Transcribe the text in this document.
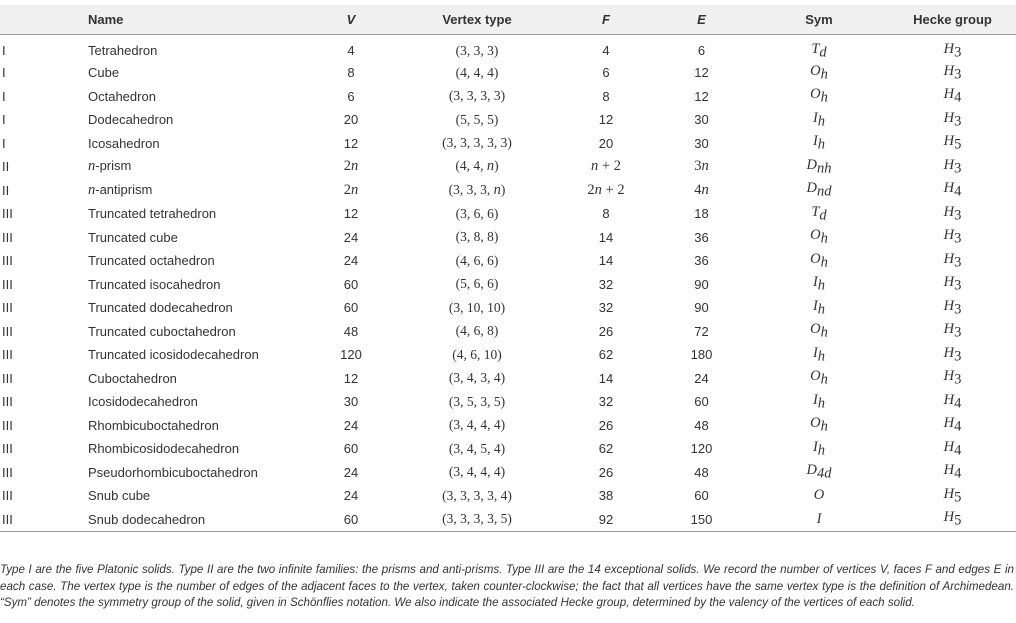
	Name	V	Vertex type	F	E	Sym	Hecke group
I	Tetrahedron	4	(3, 3, 3)	4	6	$T_d$	$H_3$
I	Cube	8	(4, 4, 4)	6	12	$O_h$	$H_3$
I	Octahedron	6	(3, 3, 3, 3)	8	12	$O_h$	$H_4$
I	Dodecahedron	20	(5, 5, 5)	12	30	$I_h$	$H_3$
I	Icosahedron	12	(3, 3, 3, 3, 3)	20	30	$I_h$	$H_5$
II	n-prism	2n	(4, 4, n)	n + 2	3n	$D_{nh}$	$H_3$
II	n-antiprism	2n	(3, 3, 3, n)	2n + 2	4n	$D_{nd}$	$H_4$
III	Truncated tetrahedron	12	(3, 6, 6)	8	18	$T_d$	$H_3$
III	Truncated cube	24	(3, 8, 8)	14	36	$O_h$	$H_3$
III	Truncated octahedron	24	(4, 6, 6)	14	36	$O_h$	$H_3$
III	Truncated isocahedron	60	(5, 6, 6)	32	90	$I_h$	$H_3$
III	Truncated dodecahedron	60	(3, 10, 10)	32	90	$I_h$	$H_3$
III	Truncated cuboctahedron	48	(4, 6, 8)	26	72	$O_h$	$H_3$
III	Truncated icosidodecahedron	120	(4, 6, 10)	62	180	$I_h$	$H_3$
III	Cuboctahedron	12	(3, 4, 3, 4)	14	24	$O_h$	$H_3$
III	Icosidodecahedron	30	(3, 5, 3, 5)	32	60	$I_h$	$H_4$
III	Rhombicuboctahedron	24	(3, 4, 4, 4)	26	48	$O_h$	$H_4$
III	Rhombicosidodecahedron	60	(3, 4, 5, 4)	62	120	$I_h$	$H_4$
III	Pseudorhombicuboctahedron	24	(3, 4, 4, 4)	26	48	$D_{4d}$	$H_4$
III	Snub cube	24	(3, 3, 3, 3, 4)	38	60	O	$H_5$
III	Snub dodecahedron	60	(3, 3, 3, 3, 5)	92	150	I	$H_5$
Type I are the five Platonic solids. Type II are the two infinite families: the prisms and anti-prisms. Type III are the 14 exceptional solids. We record the number of vertices V, faces F and edges E in each case. The vertex type is the number of edges of the adjacent faces to the vertex, taken counter-clockwise; the fact that all vertices have the same vertex type is the definition of Archimedean. “Sym” denotes the symmetry group of the solid, given in Schönflies notation. We also indicate the associated Hecke group, determined by the valency of the vertices of each solid.
